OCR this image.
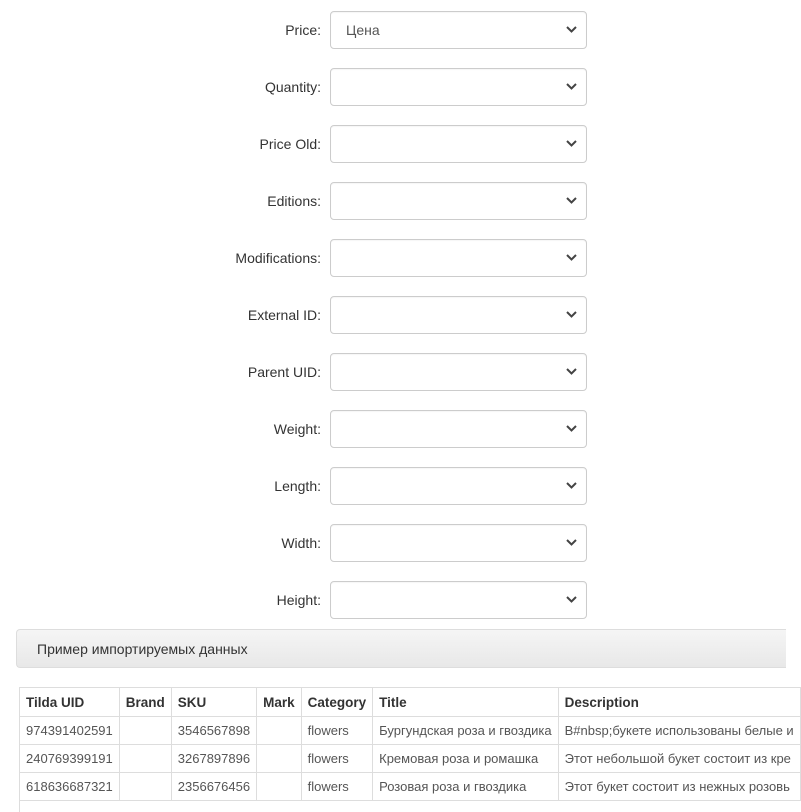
Price: Цена
Quantity:
Price Old:
Editions:
Modifications:
External ID:
Parent UID:
Weight:
Length:
Width:
Height:
Пример импортируемых данных
Tilda UID	Brand	SKU	Mark	Category	Title	Description
974391402591		3546567898		flowers	Бургундская роза и гвоздика	В#nbsp;букете использованы белые и
240769399191		3267897896		flowers	Кремовая роза и ромашка	Этот небольшой букет состоит из кре
618636687321		2356676456		flowers	Розовая роза и гвоздика	Этот букет состоит из нежных розовь
